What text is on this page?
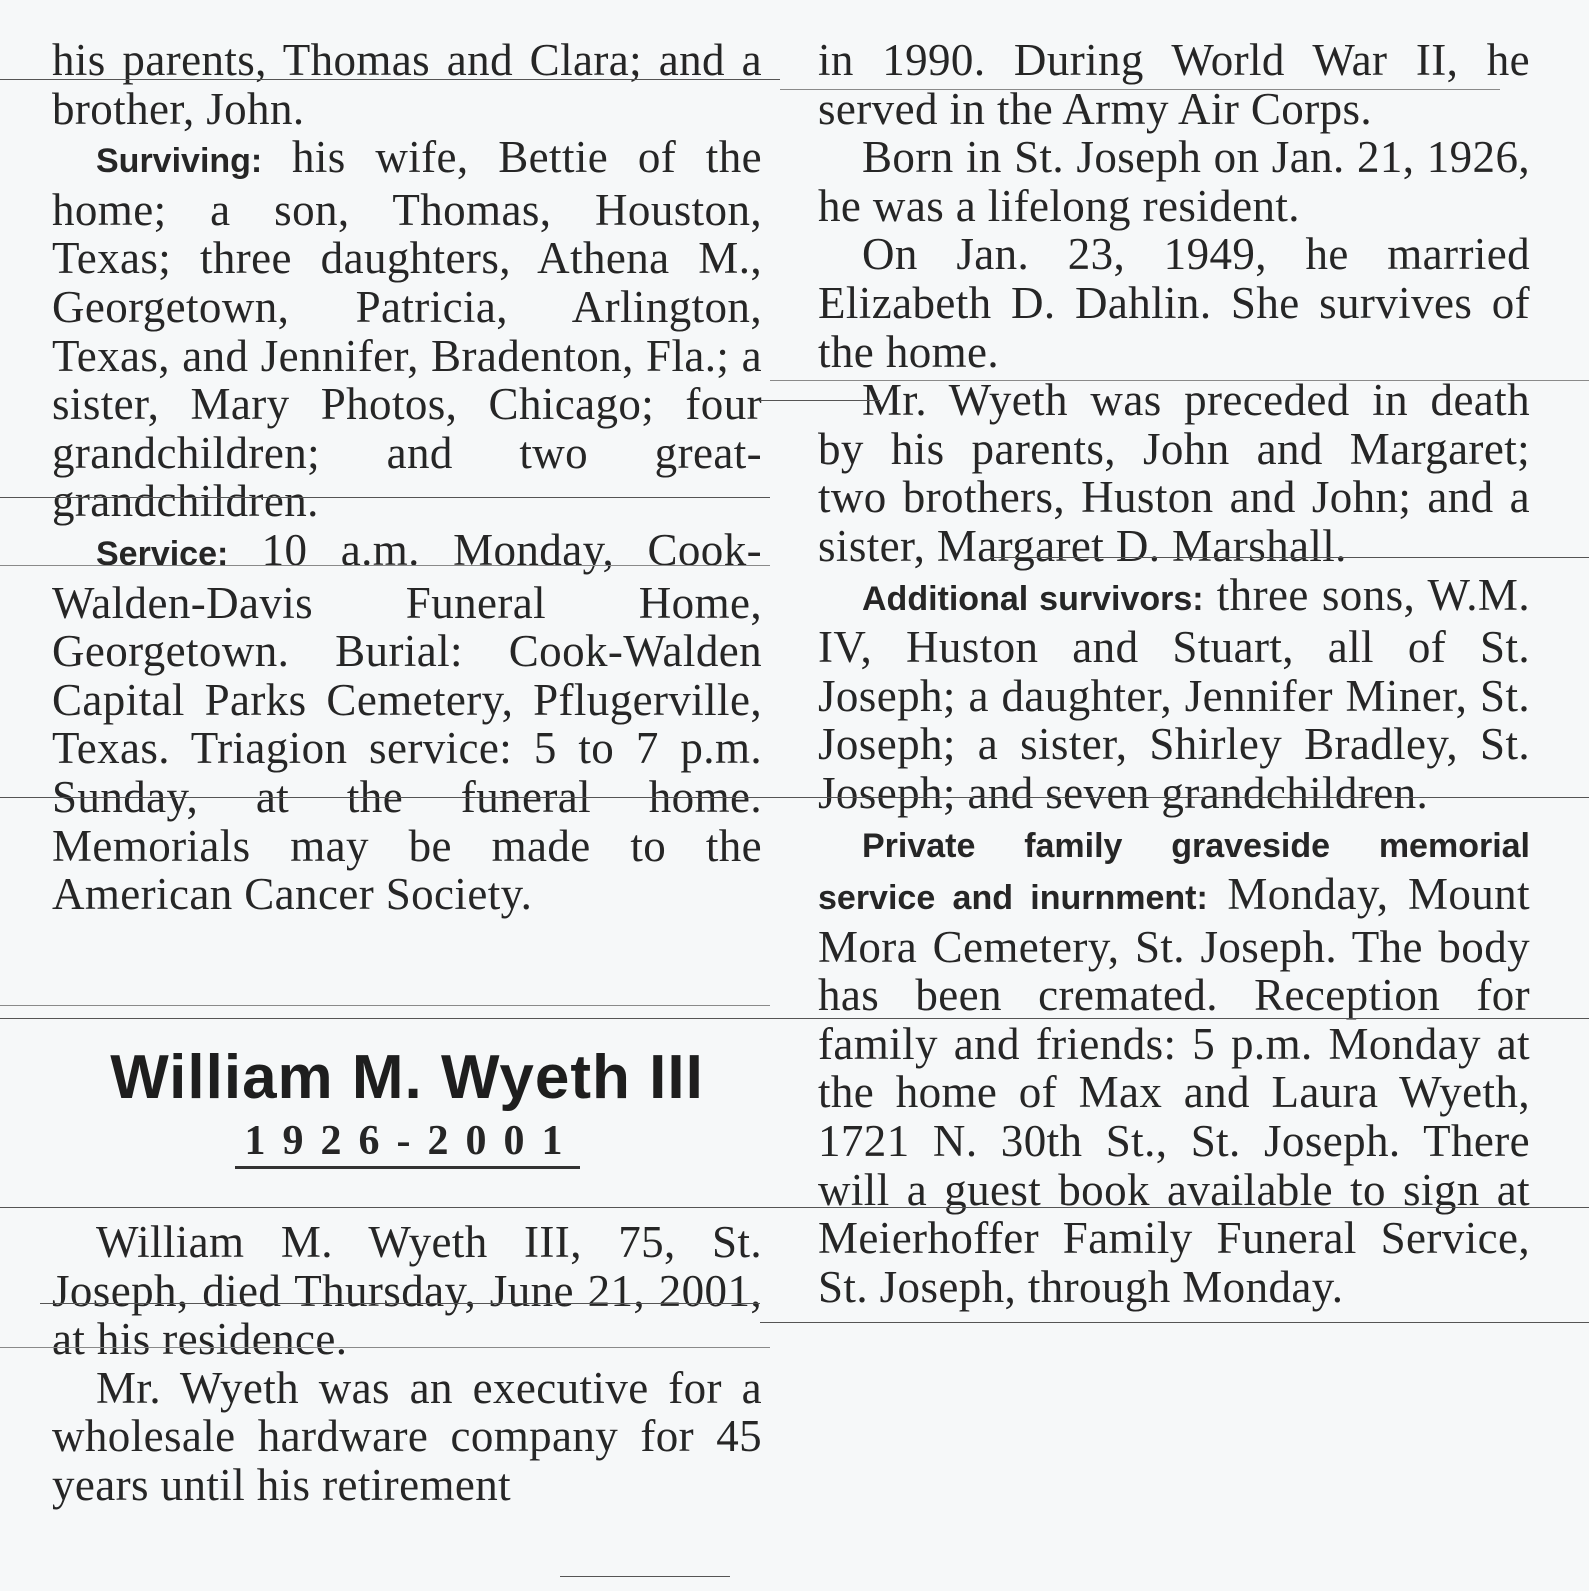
his parents, Thomas and Clara; and a brother, John.

Surviving: his wife, Bettie of the home; a son, Thomas, Houston, Texas; three daughters, Athena M., Georgetown, Patricia, Arlington, Texas, and Jennifer, Bradenton, Fla.; a sister, Mary Photos, Chicago; four grandchildren; and two great-grandchildren.

Service: 10 a.m. Monday, Cook-Walden-Davis Funeral Home, Georgetown. Burial: Cook-Walden Capital Parks Cemetery, Pflugerville, Texas. Triagion service: 5 to 7 p.m. Sunday, at the funeral home. Memorials may be made to the American Cancer Society.

William M. Wyeth III
1926-2001

William M. Wyeth III, 75, St. Joseph, died Thursday, June 21, 2001, at his residence.

Mr. Wyeth was an executive for a wholesale hardware company for 45 years until his retirement

in 1990. During World War II, he served in the Army Air Corps.

Born in St. Joseph on Jan. 21, 1926, he was a lifelong resident.

On Jan. 23, 1949, he married Elizabeth D. Dahlin. She survives of the home.

Mr. Wyeth was preceded in death by his parents, John and Margaret; two brothers, Huston and John; and a sister, Margaret D. Marshall.

Additional survivors: three sons, W.M. IV, Huston and Stuart, all of St. Joseph; a daughter, Jennifer Miner, St. Joseph; a sister, Shirley Bradley, St. Joseph; and seven grandchildren.

Private family graveside memorial service and inurnment: Monday, Mount Mora Cemetery, St. Joseph. The body has been cremated. Reception for family and friends: 5 p.m. Monday at the home of Max and Laura Wyeth, 1721 N. 30th St., St. Joseph. There will a guest book available to sign at Meierhoffer Family Funeral Service, St. Joseph, through Monday.
